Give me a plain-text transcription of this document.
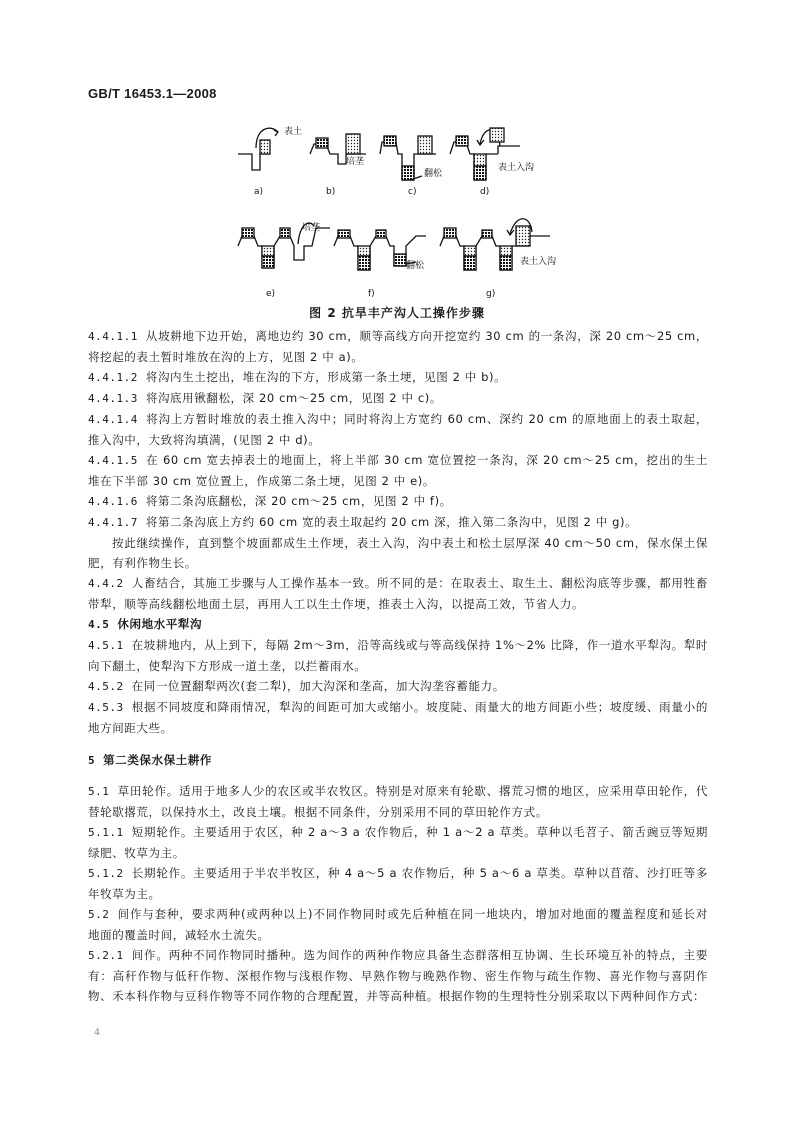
GB/T 16453.1—2008
表土
a)
培垄
b)
翻松
c)
表土入沟
d)
培垄
e)
翻松
f)
表土入沟
g)
图 2 抗旱丰产沟人工操作步骤

4.4.1.1 从坡耕地下边开始，离地边约 30 cm，顺等高线方向开挖宽约 30 cm 的一条沟，深 20 cm～25 cm，将挖起的表土暂时堆放在沟的上方，见图 2 中 a)。

4.4.1.2 将沟内生土挖出，堆在沟的下方，形成第一条土埂，见图 2 中 b)。

4.4.1.3 将沟底用锹翻松，深 20 cm～25 cm，见图 2 中 c)。

4.4.1.4 将沟上方暂时堆放的表土推入沟中；同时将沟上方宽约 60 cm、深约 20 cm 的原地面上的表土取起，推入沟中，大致将沟填满，(见图 2 中 d)。

4.4.1.5 在 60 cm 宽去掉表土的地面上，将上半部 30 cm 宽位置挖一条沟，深 20 cm～25 cm，挖出的生土堆在下半部 30 cm 宽位置上，作成第二条土埂，见图 2 中 e)。

4.4.1.6 将第二条沟底翻松，深 20 cm～25 cm，见图 2 中 f)。

4.4.1.7 将第二条沟底上方约 60 cm 宽的表土取起约 20 cm 深，推入第二条沟中，见图 2 中 g)。

按此继续操作，直到整个坡面都成生土作埂，表土入沟，沟中表土和松土层厚深 40 cm～50 cm，保水保土保肥，有利作物生长。

4.4.2 人畜结合，其施工步骤与人工操作基本一致。所不同的是：在取表土、取生土、翻松沟底等步骤，都用牲畜带犁，顺等高线翻松地面土层，再用人工以生土作埂，推表土入沟，以提高工效，节省人力。

4.5 休闲地水平犁沟

4.5.1 在坡耕地内，从上到下，每隔 2m～3m，沿等高线或与等高线保持 1%～2% 比降，作一道水平犁沟。犁时向下翻土，使犁沟下方形成一道土垄，以拦蓄雨水。

4.5.2 在同一位置翻犁两次(套二犁)，加大沟深和垄高，加大沟垄容蓄能力。

4.5.3 根据不同坡度和降雨情况，犁沟的间距可加大或缩小。坡度陡、雨量大的地方间距小些；坡度缓、雨量小的地方间距大些。

5 第二类保水保土耕作

5.1 草田轮作。适用于地多人少的农区或半农牧区。特别是对原来有轮歇、撂荒习惯的地区，应采用草田轮作，代替轮歇撂荒，以保持水土，改良土壤。根据不同条件，分别采用不同的草田轮作方式。

5.1.1 短期轮作。主要适用于农区，种 2 a～3 a 农作物后，种 1 a～2 a 草类。草种以毛苕子、箭舌豌豆等短期绿肥、牧草为主。

5.1.2 长期轮作。主要适用于半农半牧区，种 4 a～5 a 农作物后，种 5 a～6 a 草类。草种以苜蓿、沙打旺等多年牧草为主。

5.2 间作与套种，要求两种(或两种以上)不同作物同时或先后种植在同一地块内，增加对地面的覆盖程度和延长对地面的覆盖时间，减轻水土流失。

5.2.1 间作。两种不同作物同时播种。选为间作的两种作物应具备生态群落相互协调、生长环境互补的特点，主要有：高秆作物与低秆作物、深根作物与浅根作物、早熟作物与晚熟作物、密生作物与疏生作物、喜光作物与喜阴作物、禾本科作物与豆科作物等不同作物的合理配置，并等高种植。根据作物的生理特性分别采取以下两种间作方式：

4
